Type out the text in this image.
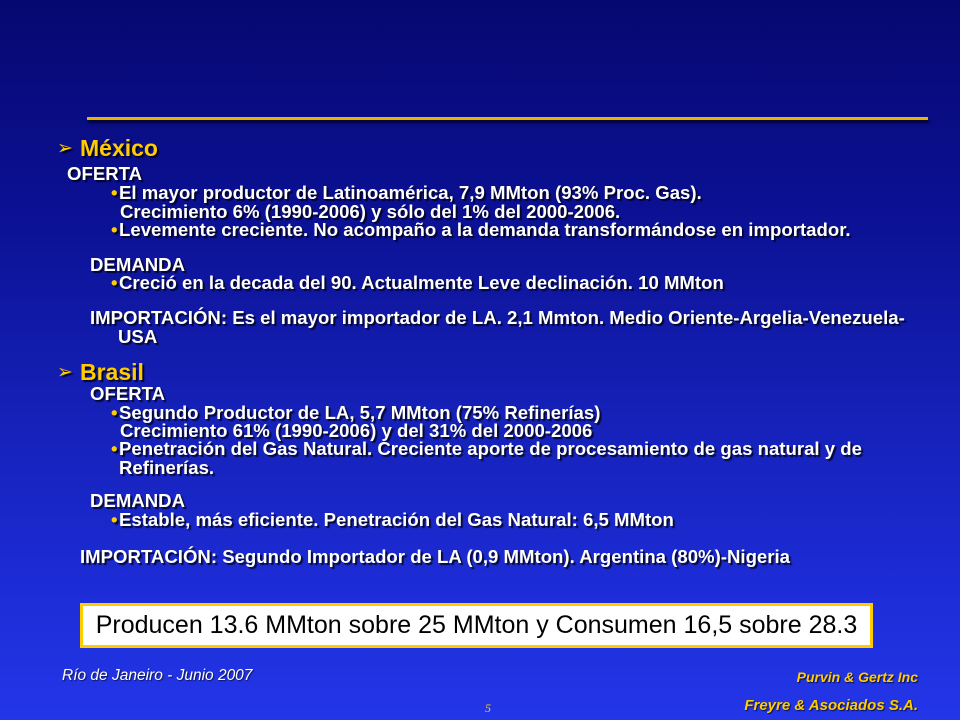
➢ México
OFERTA
• El mayor productor de Latinoamérica, 7,9 MMton (93% Proc. Gas).
Crecimiento 6% (1990-2006) y sólo del 1% del 2000-2006.
• Levemente creciente. No acompaño a la demanda transformándose en importador.
DEMANDA
• Creció en la decada del 90. Actualmente Leve declinación. 10 MMton
IMPORTACIÓN: Es el mayor importador de LA. 2,1 Mmton. Medio Oriente-Argelia-Venezuela-
USA
➢ Brasil
OFERTA
• Segundo Productor de LA, 5,7 MMton (75% Refinerías)
Crecimiento 61% (1990-2006) y del 31% del 2000-2006
• Penetración del Gas Natural. Creciente aporte de procesamiento de gas natural y de
Refinerías.
DEMANDA
• Estable, más eficiente. Penetración del Gas Natural: 6,5 MMton
IMPORTACIÓN: Segundo Importador de LA (0,9 MMton). Argentina (80%)-Nigeria
Producen 13.6 MMton sobre 25 MMton y Consumen 16,5 sobre 28.3
Río de Janeiro - Junio 2007	Purvin & Gertz Inc
Freyre & Asociados S.A.
5
